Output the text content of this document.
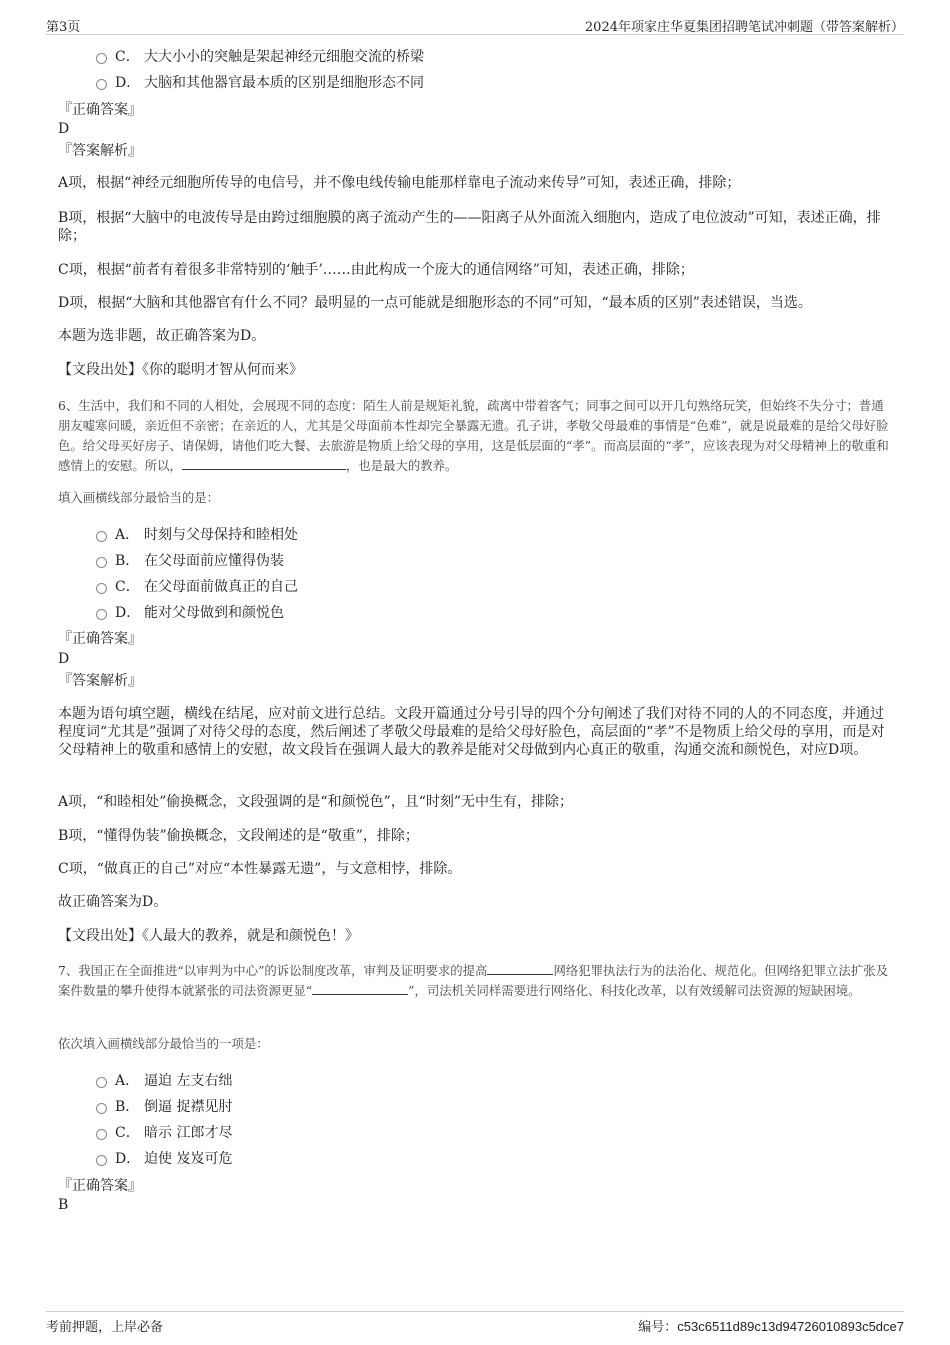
第3页	2024年项家庄华夏集团招聘笔试冲刺题（带答案解析）
C． 大大小小的突触是架起神经元细胞交流的桥梁
D． 大脑和其他器官最本质的区别是细胞形态不同
『正确答案』
D
『答案解析』

A项，根据“神经元细胞所传导的电信号，并不像电线传输电能那样靠电子流动来传导”可知，表述正确，排除；

B项，根据“大脑中的电波传导是由跨过细胞膜的离子流动产生的——阳离子从外面流入细胞内，造成了电位波动”可知，表述正确，排除；

C项，根据“前者有着很多非常特别的‘触手’……由此构成一个庞大的通信网络”可知，表述正确，排除；

D项，根据“大脑和其他器官有什么不同？最明显的一点可能就是细胞形态的不同”可知，“最本质的区别”表述错误，当选。

本题为选非题，故正确答案为D。

【文段出处】《你的聪明才智从何而来》

6、生活中，我们和不同的人相处，会展现不同的态度：陌生人前是规矩礼貌，疏离中带着客气；同事之间可以开几句熟络玩笑，但始终不失分寸；普通朋友嘘寒问暖，亲近但不亲密；在亲近的人，尤其是父母面前本性却完全暴露无遗。孔子讲，孝敬父母最难的事情是“色难”，就是说最难的是给父母好脸色。给父母买好房子、请保姆，请他们吃大餐、去旅游是物质上给父母的享用，这是低层面的“孝”。而高层面的“孝”，应该表现为对父母精神上的敬重和感情上的安慰。所以，	，也是最大的教养。

填入画横线部分最恰当的是：

A． 时刻与父母保持和睦相处
B． 在父母面前应懂得伪装
C． 在父母面前做真正的自己
D． 能对父母做到和颜悦色
『正确答案』
D
『答案解析』

本题为语句填空题，横线在结尾，应对前文进行总结。文段开篇通过分号引导的四个分句阐述了我们对待不同的人的不同态度，并通过程度词“尤其是”强调了对待父母的态度，然后阐述了孝敬父母最难的是给父母好脸色，高层面的“孝”不是物质上给父母的享用，而是对父母精神上的敬重和感情上的安慰，故文段旨在强调人最大的教养是能对父母做到内心真正的敬重，沟通交流和颜悦色，对应D项。

A项，“和睦相处”偷换概念，文段强调的是“和颜悦色”，且“时刻”无中生有，排除；

B项，“懂得伪装”偷换概念，文段阐述的是“敬重”，排除；

C项，“做真正的自己”对应“本性暴露无遗”，与文意相悖，排除。

故正确答案为D。

【文段出处】《人最大的教养，就是和颜悦色！》

7、我国正在全面推进“以审判为中心”的诉讼制度改革，审判及证明要求的提高	网络犯罪执法行为的法治化、规范化。但网络犯罪立法扩张及案件数量的攀升使得本就紧张的司法资源更显“	”，司法机关同样需要进行网络化、科技化改革，以有效缓解司法资源的短缺困境。

依次填入画横线部分最恰当的一项是：

A． 逼迫 左支右绌
B． 倒逼 捉襟见肘
C． 暗示 江郎才尽
D． 迫使 岌岌可危
『正确答案』
B
考前押题，上岸必备	编号：c53c6511d89c13d94726010893c5dce7
